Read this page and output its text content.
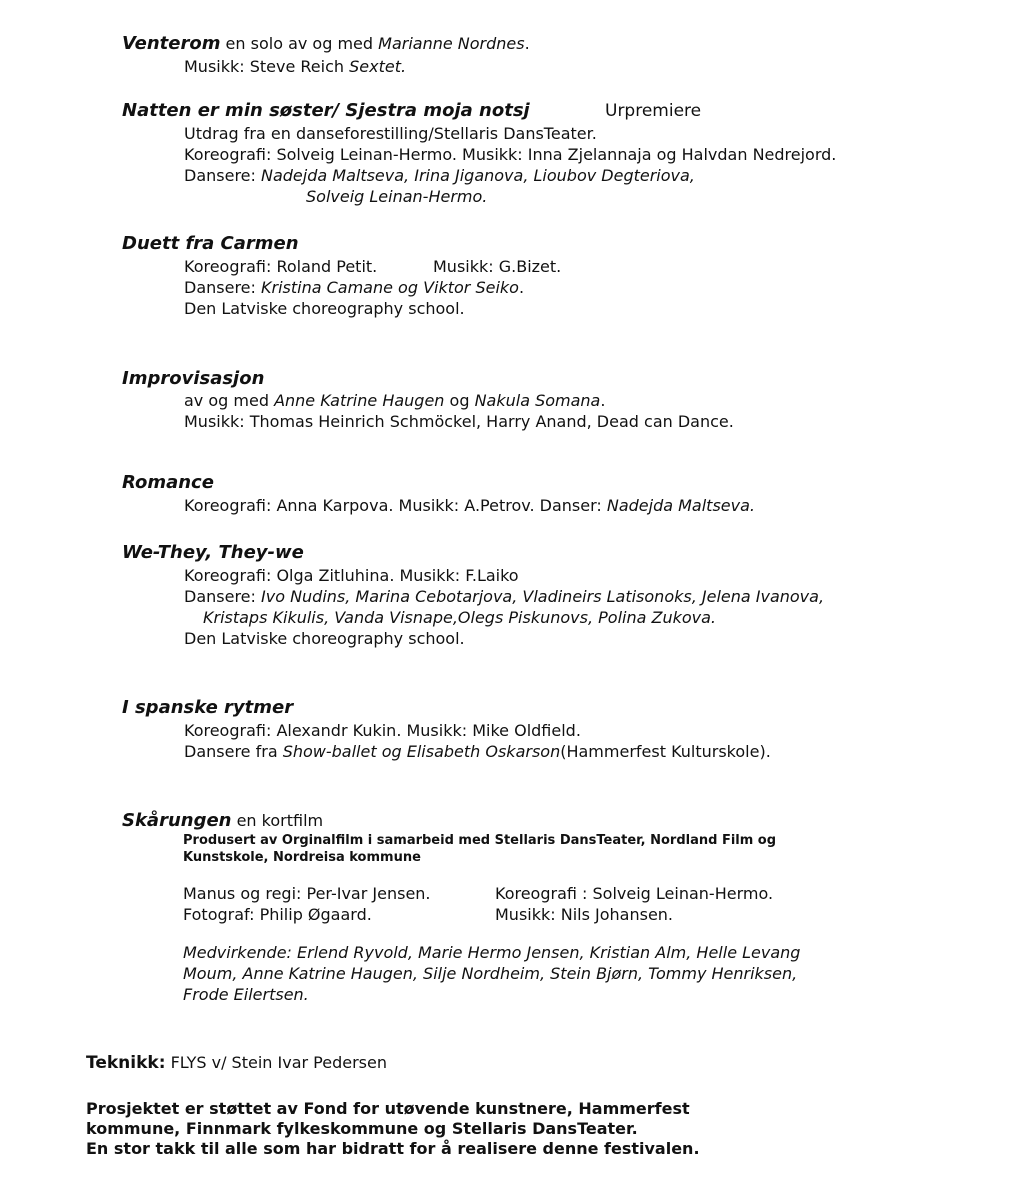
Venterom en solo av og med Marianne Nordnes.
Musikk: Steve Reich Sextet.
Natten er min søster/ Sjestra moja notsj	Urpremiere
Utdrag fra en danseforestilling/Stellaris DansTeater.
Koreografi: Solveig Leinan-Hermo. Musikk: Inna Zjelannaja og Halvdan Nedrejord.
Dansere: Nadejda Maltseva, Irina Jiganova, Lioubov Degteriova,
Solveig Leinan-Hermo.
Duett fra Carmen
Koreografi: Roland Petit.	Musikk: G.Bizet.
Dansere: Kristina Camane og Viktor Seiko.
Den Latviske choreography school.
Improvisasjon
av og med Anne Katrine Haugen og Nakula Somana.
Musikk: Thomas Heinrich Schmöckel, Harry Anand, Dead can Dance.
Romance
Koreografi: Anna Karpova. Musikk: A.Petrov. Danser: Nadejda Maltseva.
We-They, They-we
Koreografi: Olga Zitluhina. Musikk: F.Laiko
Dansere: Ivo Nudins, Marina Cebotarjova, Vladineirs Latisonoks, Jelena Ivanova,
Kristaps Kikulis, Vanda Visnape,Olegs Piskunovs, Polina Zukova.
Den Latviske choreography school.
I spanske rytmer
Koreografi: Alexandr Kukin. Musikk: Mike Oldfield.
Dansere fra Show-ballet og Elisabeth Oskarson(Hammerfest Kulturskole).
Skårungen en kortfilm
Produsert av Orginalfilm i samarbeid med Stellaris DansTeater, Nordland Film og
Kunstskole, Nordreisa kommune
Manus og regi: Per-Ivar Jensen.	Koreografi : Solveig Leinan-Hermo.
Fotograf: Philip Øgaard.	Musikk: Nils Johansen.
Medvirkende: Erlend Ryvold, Marie Hermo Jensen, Kristian Alm, Helle Levang
Moum, Anne Katrine Haugen, Silje Nordheim, Stein Bjørn, Tommy Henriksen,
Frode Eilertsen.
Teknikk: FLYS v/ Stein Ivar Pedersen
Prosjektet er støttet av Fond for utøvende kunstnere, Hammerfest
kommune, Finnmark fylkeskommune og Stellaris DansTeater.
En stor takk til alle som har bidratt for å realisere denne festivalen.
